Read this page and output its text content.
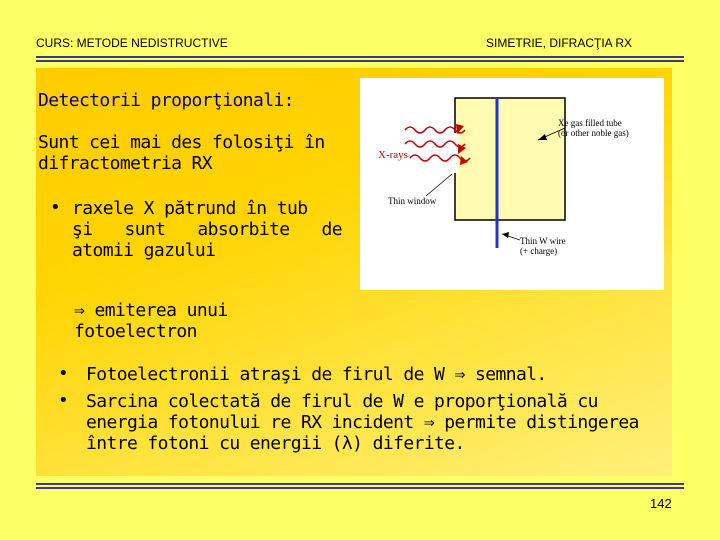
CURS: METODE NEDISTRUCTIVE	SIMETRIE, DIFRACŢIA RX
Detectorii proporţionali:
Sunt cei mai des folosiţi în difractometria RX
• raxele X pătrund în tub
şi sunt absorbite de
atomii gazului
⇒ emiterea unui fotoelectron
• Fotoelectronii atraşi de firul de W ⇒ semnal.
• Sarcina colectată de firul de W e proporţională cu energia fotonului re RX incident ⇒ permite distingerea între fotoni cu energii (λ) diferite.
X-rays
Thin window
Xe gas filled tube
(or other noble gas)
Thin W wire
(+ charge)
142
